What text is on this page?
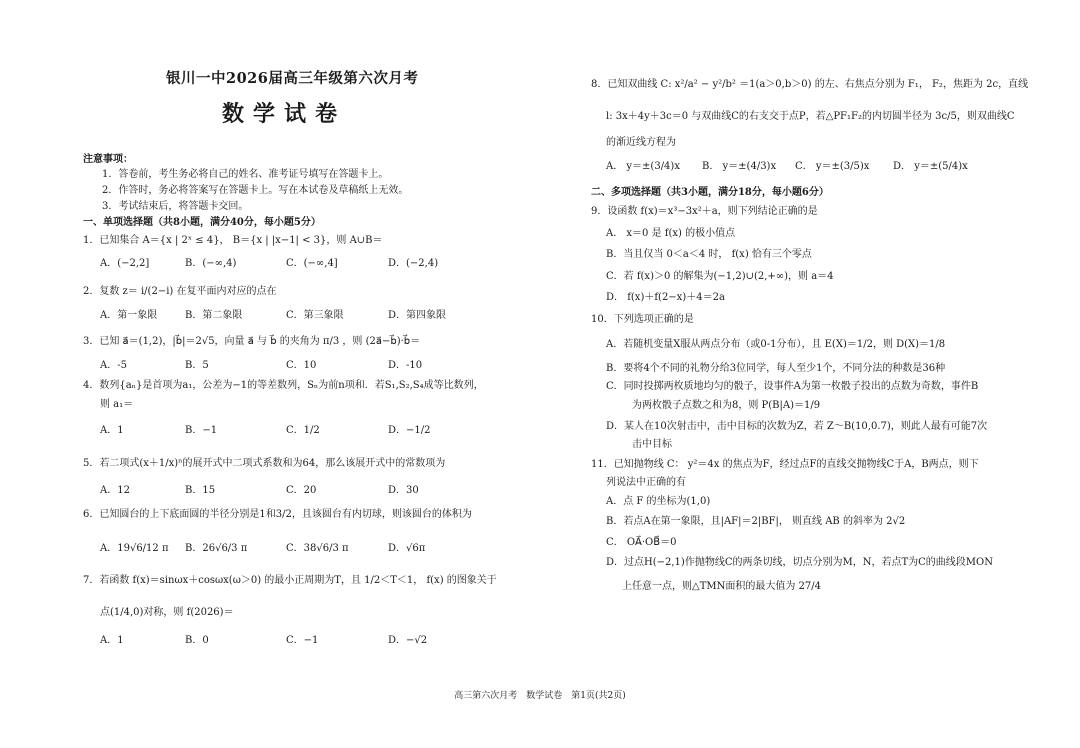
银川一中2026届高三年级第六次月考
数学试卷
注意事项：
1．答卷前，考生务必将自己的姓名、准考证号填写在答题卡上。
2．作答时，务必将答案写在答题卡上。写在本试卷及草稿纸上无效。
3．考试结束后，将答题卡交回。
一、单项选择题（共8小题，满分40分，每小题5分）
1．已知集合 A＝{x | 2ˣ ≤ 4}， B＝{x | |x−1| < 3}，则 A∪B＝
A．(−2,2]	B．(−∞,4)	C．(−∞,4]	D．(−2,4)
2．复数 z＝ i/(2−i) 在复平面内对应的点在
A．第一象限	B．第二象限	C．第三象限	D．第四象限
3．已知 a⃗＝(1,2)，|b⃗|＝2√5，向量 a⃗ 与 b⃗ 的夹角为 π/3 ，则 (2a⃗−b⃗)·b⃗＝
A．-5	B．5	C．10	D．-10
4．数列{aₙ}是首项为a₁，公差为−1的等差数列，Sₙ为前n项和．若S₁,S₂,S₄成等比数列，
则 a₁＝
A．1	B．−1	C．1/2	D．−1/2
5．若二项式(x＋1/x)ⁿ的展开式中二项式系数和为64，那么该展开式中的常数项为
A．12	B．15	C．20	D．30
6．已知圆台的上下底面圆的半径分别是1和3/2，且该圆台有内切球，则该圆台的体积为
A．19√6/12 π B．26√6/3 π	C．38√6/3 π	D．√6π
7．若函数 f(x)＝sinωx＋cosωx(ω＞0) 的最小正周期为T，且 1/2＜T＜1， f(x) 的图象关于
点(1/4,0)对称，则 f(2026)＝
A．1	B．0	C．−1	D．−√2
8．已知双曲线 C: x²/a² − y²/b² ＝1(a＞0,b＞0) 的左、右焦点分别为 F₁， F₂，焦距为 2c，直线
l: 3x＋4y＋3c＝0 与双曲线C的右支交于点P，若△PF₁F₂的内切圆半径为 3c/5，则双曲线C
的渐近线方程为
A． y＝±(3/4)x B． y＝±(4/3)x C． y＝±(3/5)x D． y＝±(5/4)x
二、多项选择题（共3小题，满分18分，每小题6分）
9．设函数 f(x)＝x³−3x²＋a，则下列结论正确的是
A． x＝0 是 f(x) 的极小值点
B．当且仅当 0＜a＜4 时， f(x) 恰有三个零点
C．若 f(x)＞0 的解集为(−1,2)∪(2,+∞)，则 a＝4
D． f(x)＋f(2−x)＋4＝2a
10．下列选项正确的是
A．若随机变量X服从两点分布（或0-1分布），且 E(X)＝1/2，则 D(X)＝1/8
B．要将4个不同的礼物分给3位同学，每人至少1个，不同分法的种数是36种
C．同时投掷两枚质地均匀的骰子，设事件A为第一枚骰子投出的点数为奇数，事件B
为两枚骰子点数之和为8，则 P(B|A)＝1/9
D．某人在10次射击中，击中目标的次数为Z，若 Z～B(10,0.7)，则此人最有可能7次
击中目标
11．已知抛物线 C： y²＝4x 的焦点为F，经过点F的直线交抛物线C于A，B两点，则下
列说法中正确的有
A．点 F 的坐标为(1,0)
B．若点A在第一象限，且|AF|＝2|BF|， 则直线 AB 的斜率为 2√2
C． OA⃗·OB⃗＝0
D．过点H(−2,1)作抛物线C的两条切线，切点分别为M，N，若点T为C的曲线段MON
上任意一点，则△TMN面积的最大值为 27/4
高三第六次月考　数学试卷　第1页(共2页)
